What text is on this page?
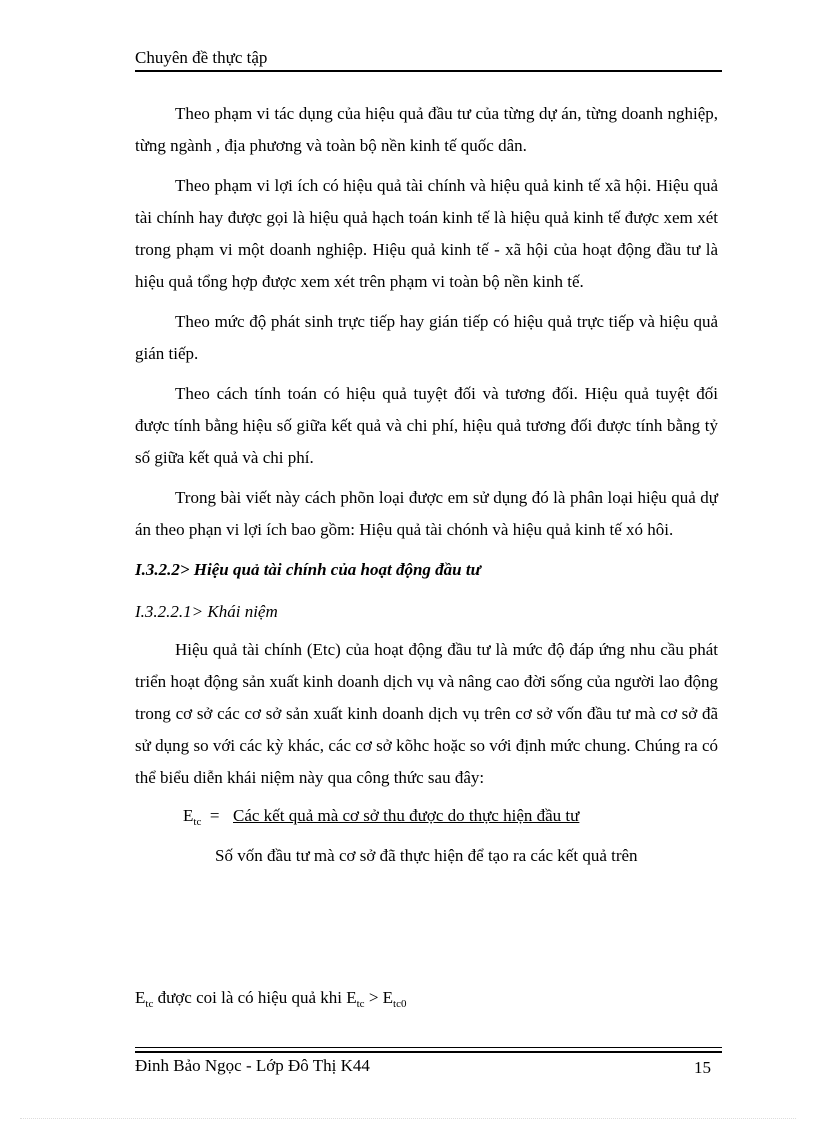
Chuyên đề thực tập

Theo phạm vi tác dụng của hiệu quả đầu tư của từng dự án, từng doanh nghiệp, từng ngành , địa phương và toàn bộ nền kinh tế quốc dân.

Theo phạm vi lợi ích có hiệu quả tài chính và hiệu quả kinh tế xã hội. Hiệu quả tài chính hay được gọi là hiệu quả hạch toán kinh tế là hiệu quả kinh tế được xem xét trong phạm vi một doanh nghiệp. Hiệu quả kinh tế - xã hội của hoạt động đầu tư là hiệu quả tổng hợp được xem xét trên phạm vi toàn bộ nền kinh tế.

Theo mức độ phát sinh trực tiếp hay gián tiếp có hiệu quả trực tiếp và hiệu quả gián tiếp.

Theo cách tính toán có hiệu quả tuyệt đối và tương đối. Hiệu quả tuyệt đối được tính bằng hiệu số giữa kết quả và chi phí, hiệu quả tương đối được tính bằng tỷ số giữa kết quả và chi phí.

Trong bài viết này cách phõn loại được em sử dụng đó là phân loại hiệu quả dự án theo phạn vi lợi ích bao gồm: Hiệu quả tài chónh và hiệu quả kinh tế xó hôi.

I.3.2.2> Hiệu quả tài chính của hoạt động đầu tư
I.3.2.2.1> Khái niệm

Hiệu quả tài chính (Etc) của hoạt động đầu tư là mức độ đáp ứng nhu cầu phát triển hoạt động sản xuất kinh doanh dịch vụ và nâng cao đời sống của người lao động trong cơ sở các cơ sở sản xuất kinh doanh dịch vụ trên cơ sở vốn đầu tư mà cơ sở đã sử dụng so với các kỳ khác, các cơ sở kõhc hoặc so với định mức chung. Chúng ra có thể biểu diễn khái niệm này qua công thức sau đây:

$E_{tc}$ = Các kết quả mà cơ sở thu được do thực hiện đầu tư
Số vốn đầu tư mà cơ sở đã thực hiện để tạo ra các kết quả trên
$E_{tc}$ được coi là có hiệu quả khi $E_{tc} > E_{tc0}$
Đinh Bảo Ngọc - Lớp Đô Thị K44	15
